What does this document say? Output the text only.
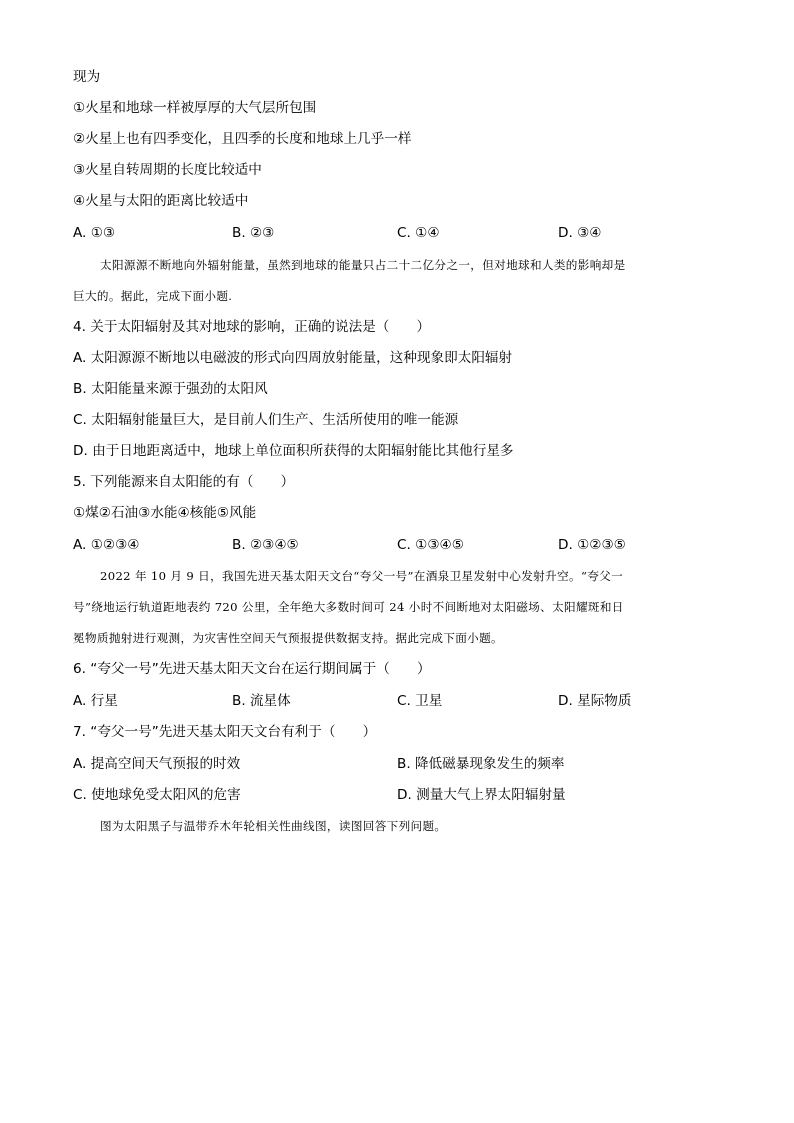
现为
①火星和地球一样被厚厚的大气层所包围
②火星上也有四季变化，且四季的长度和地球上几乎一样
③火星自转周期的长度比较适中
④火星与太阳的距离比较适中
A. ①③	B. ②③	C. ①④	D. ③④
太阳源源不断地向外辐射能量，虽然到地球的能量只占二十二亿分之一，但对地球和人类的影响却是
巨大的。据此，完成下面小题.
4. 关于太阳辐射及其对地球的影响，正确的说法是（　　）
A. 太阳源源不断地以电磁波的形式向四周放射能量，这种现象即太阳辐射
B. 太阳能量来源于强劲的太阳风
C. 太阳辐射能量巨大，是目前人们生产、生活所使用的唯一能源
D. 由于日地距离适中，地球上单位面积所获得的太阳辐射能比其他行星多
5. 下列能源来自太阳能的有（　　）
①煤②石油③水能④核能⑤风能
A. ①②③④	B. ②③④⑤	C. ①③④⑤	D. ①②③⑤
2022 年 10 月 9 日，我国先进天基太阳天文台“夸父一号”在酒泉卫星发射中心发射升空。“夸父一
号”绕地运行轨道距地表约 720 公里，全年绝大多数时间可 24 小时不间断地对太阳磁场、太阳耀斑和日
冕物质抛射进行观测，为灾害性空间天气预报提供数据支持。据此完成下面小题。
6. “夸父一号”先进天基太阳天文台在运行期间属于（　　）
A. 行星	B. 流星体	C. 卫星	D. 星际物质
7. “夸父一号”先进天基太阳天文台有利于（　　）
A. 提高空间天气预报的时效	B. 降低磁暴现象发生的频率
C. 使地球免受太阳风的危害	D. 测量大气上界太阳辐射量
图为太阳黑子与温带乔木年轮相关性曲线图，读图回答下列问题。
